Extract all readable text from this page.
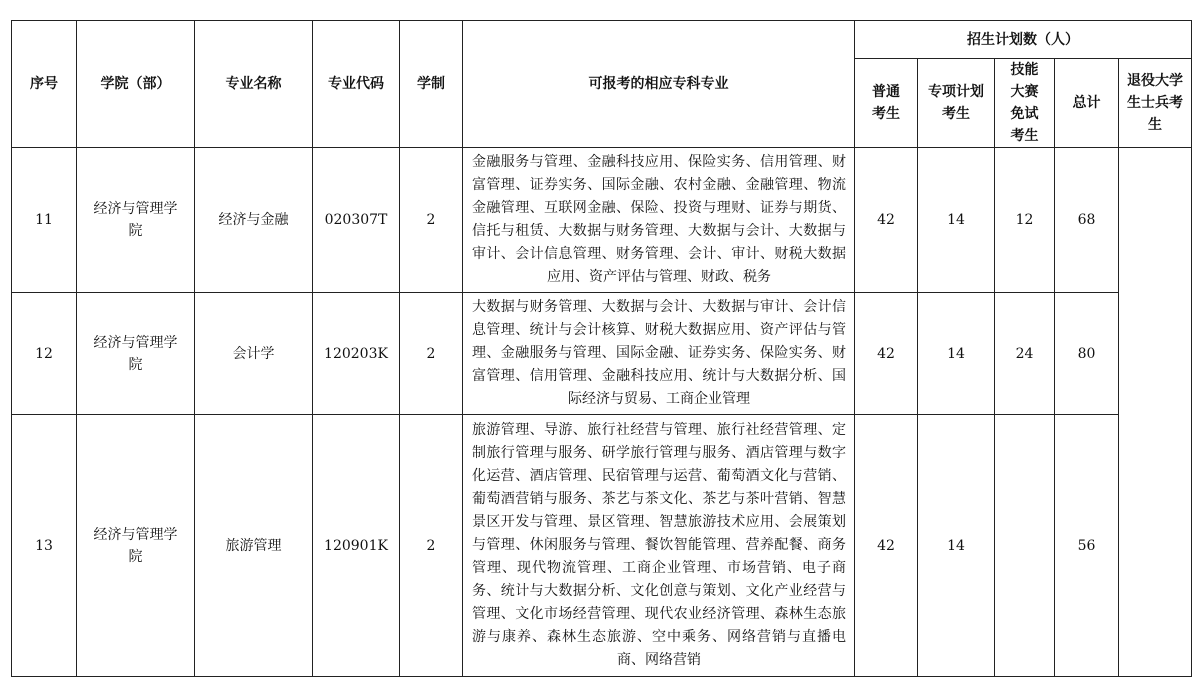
序号	学院（部）	专业名称	专业代码	学制	可报考的相应专科专业	招生计划数（人）				
						普通考生	专项计划考生	技能大赛免试考生	总计	退役大学生士兵考生
11	经济与管理学院	经济与金融	020307T	2	金融服务与管理、金融科技应用、保险实务、信用管理、财富管理、证券实务、国际金融、农村金融、金融管理、物流金融管理、互联网金融、保险、投资与理财、证券与期货、信托与租赁、大数据与财务管理、大数据与会计、大数据与审计、会计信息管理、财务管理、会计、审计、财税大数据应用、资产评估与管理、财政、税务	42	14	12	68	
12	经济与管理学院	会计学	120203K	2	大数据与财务管理、大数据与会计、大数据与审计、会计信息管理、统计与会计核算、财税大数据应用、资产评估与管理、金融服务与管理、国际金融、证券实务、保险实务、财富管理、信用管理、金融科技应用、统计与大数据分析、国际经济与贸易、工商企业管理	42	14	24	80	
13	经济与管理学院	旅游管理	120901K	2	旅游管理、导游、旅行社经营与管理、旅行社经营管理、定制旅行管理与服务、研学旅行管理与服务、酒店管理与数字化运营、酒店管理、民宿管理与运营、葡萄酒文化与营销、葡萄酒营销与服务、茶艺与茶文化、茶艺与茶叶营销、智慧景区开发与管理、景区管理、智慧旅游技术应用、会展策划与管理、休闲服务与管理、餐饮智能管理、营养配餐、商务管理、现代物流管理、工商企业管理、市场营销、电子商务、统计与大数据分析、文化创意与策划、文化产业经营与管理、文化市场经营管理、现代农业经济管理、森林生态旅游与康养、森林生态旅游、空中乘务、网络营销与直播电商、网络营销	42	14		56	
